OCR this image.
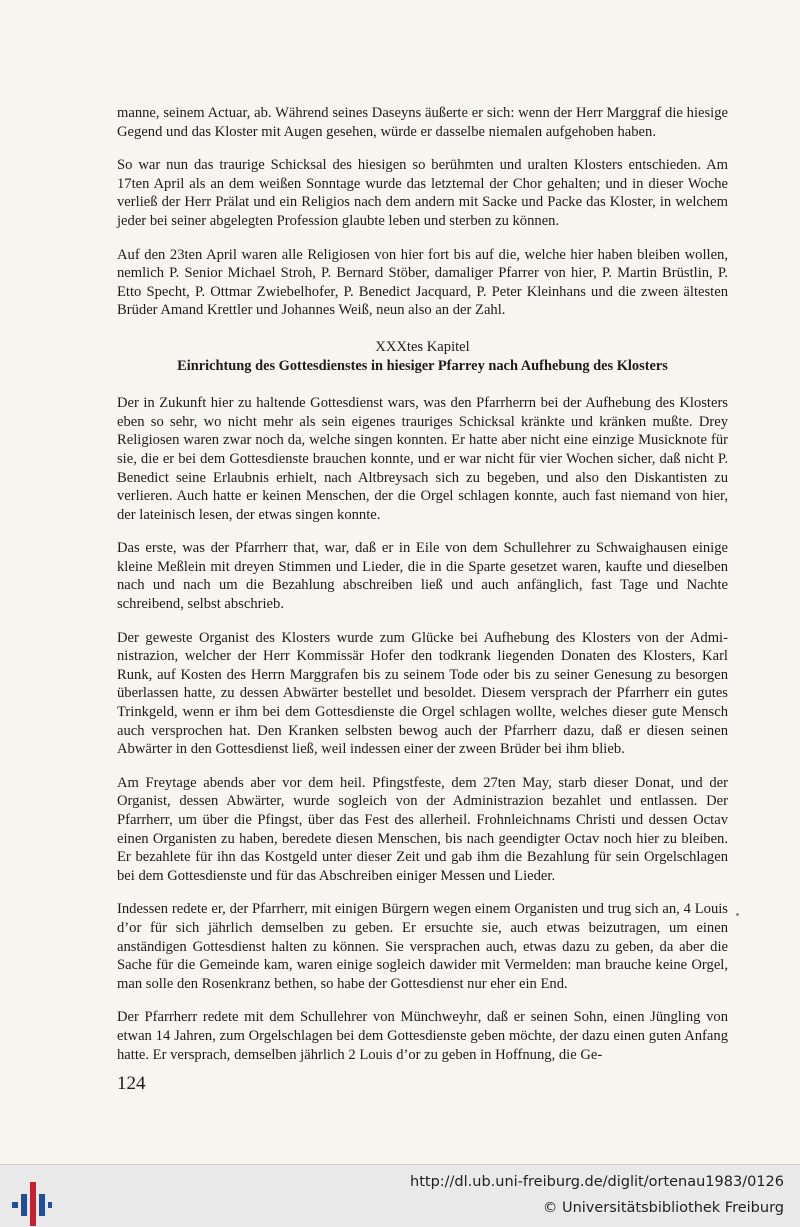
manne, seinem Actuar, ab. Während seines Daseyns äußerte er sich: wenn der Herr Marggraf die hiesige Gegend und das Kloster mit Augen gesehen, würde er dasselbe niemalen aufgehoben haben.

So war nun das traurige Schicksal des hiesigen so berühmten und uralten Klosters entschieden. Am 17ten April als an dem weißen Sonntage wurde das letztemal der Chor gehalten; und in dieser Woche verließ der Herr Prälat und ein Religios nach dem andern mit Sacke und Packe das Kloster, in welchem jeder bei seiner abgelegten Profession glaubte leben und sterben zu können.

Auf den 23ten April waren alle Religiosen von hier fort bis auf die, welche hier haben bleiben wollen, nemlich P. Senior Michael Stroh, P. Bernard Stöber, damaliger Pfarrer von hier, P. Martin Brüstlin, P. Etto Specht, P. Ottmar Zwiebelhofer, P. Benedict Jacquard, P. Peter Kleinhans und die zween ältesten Brüder Amand Krettler und Johannes Weiß, neun also an der Zahl.

XXXtes Kapitel
Einrichtung des Gottesdienstes in hiesiger Pfarrey nach Aufhebung des Klosters

Der in Zukunft hier zu haltende Gottesdienst wars, was den Pfarrherrn bei der Aufhebung des Klosters eben so sehr, wo nicht mehr als sein eigenes trauriges Schicksal kränkte und kränken mußte. Drey Religiosen waren zwar noch da, welche singen konnten. Er hatte aber nicht eine einzige Musicknote für sie, die er bei dem Gottesdienste brauchen konnte, und er war nicht für vier Wochen sicher, daß nicht P. Benedict seine Erlaubnis erhielt, nach Altbreysach sich zu begeben, und also den Diskantisten zu verlieren. Auch hatte er keinen Menschen, der die Orgel schlagen konnte, auch fast niemand von hier, der lateinisch lesen, der etwas singen konnte.

Das erste, was der Pfarrherr that, war, daß er in Eile von dem Schullehrer zu Schwaighausen einige kleine Meßlein mit dreyen Stimmen und Lieder, die in die Sparte gesetzet waren, kaufte und dieselben nach und nach um die Bezahlung abschreiben ließ und auch anfänglich, fast Tage und Nachte schreibend, selbst abschrieb.

Der geweste Organist des Klosters wurde zum Glücke bei Aufhebung des Klosters von der Administrazion, welcher der Herr Kommissär Hofer den todkrank liegenden Donaten des Klosters, Karl Runk, auf Kosten des Herrn Marggrafen bis zu seinem Tode oder bis zu seiner Genesung zu besorgen überlassen hatte, zu dessen Abwärter bestellet und besoldet. Diesem versprach der Pfarrherr ein gutes Trinkgeld, wenn er ihm bei dem Gottesdienste die Orgel schlagen wollte, welches dieser gute Mensch auch versprochen hat. Den Kranken selbsten bewog auch der Pfarrherr dazu, daß er diesen seinen Abwärter in den Gottesdienst ließ, weil indessen einer der zween Brüder bei ihm blieb.

Am Freytage abends aber vor dem heil. Pfingstfeste, dem 27ten May, starb dieser Donat, und der Organist, dessen Abwärter, wurde sogleich von der Administrazion bezahlet und entlassen. Der Pfarrherr, um über die Pfingst, über das Fest des allerheil. Frohnleichnams Christi und dessen Octav einen Organisten zu haben, beredete diesen Menschen, bis nach geendigter Octav noch hier zu bleiben. Er bezahlete für ihn das Kostgeld unter dieser Zeit und gab ihm die Bezahlung für sein Orgelschlagen bei dem Gottesdienste und für das Abschreiben einiger Messen und Lieder.

Indessen redete er, der Pfarrherr, mit einigen Bürgern wegen einem Organisten und trug sich an, 4 Louis d’or für sich jährlich demselben zu geben. Er ersuchte sie, auch etwas beizutragen, um einen anständigen Gottesdienst halten zu können. Sie versprachen auch, etwas dazu zu geben, da aber die Sache für die Gemeinde kam, waren einige sogleich dawider mit Vermelden: man brauche keine Orgel, man solle den Rosenkranz bethen, so habe der Gottesdienst nur eher ein End.

Der Pfarrherr redete mit dem Schullehrer von Münchweyhr, daß er seinen Sohn, einen Jüngling von etwan 14 Jahren, zum Orgelschlagen bei dem Gottesdienste geben möchte, der dazu einen guten Anfang hatte. Er versprach, demselben jährlich 2 Louis d’or zu geben in Hoffnung, die Ge-

124
http://dl.ub.uni-freiburg.de/diglit/ortenau1983/0126
© Universitätsbibliothek Freiburg
